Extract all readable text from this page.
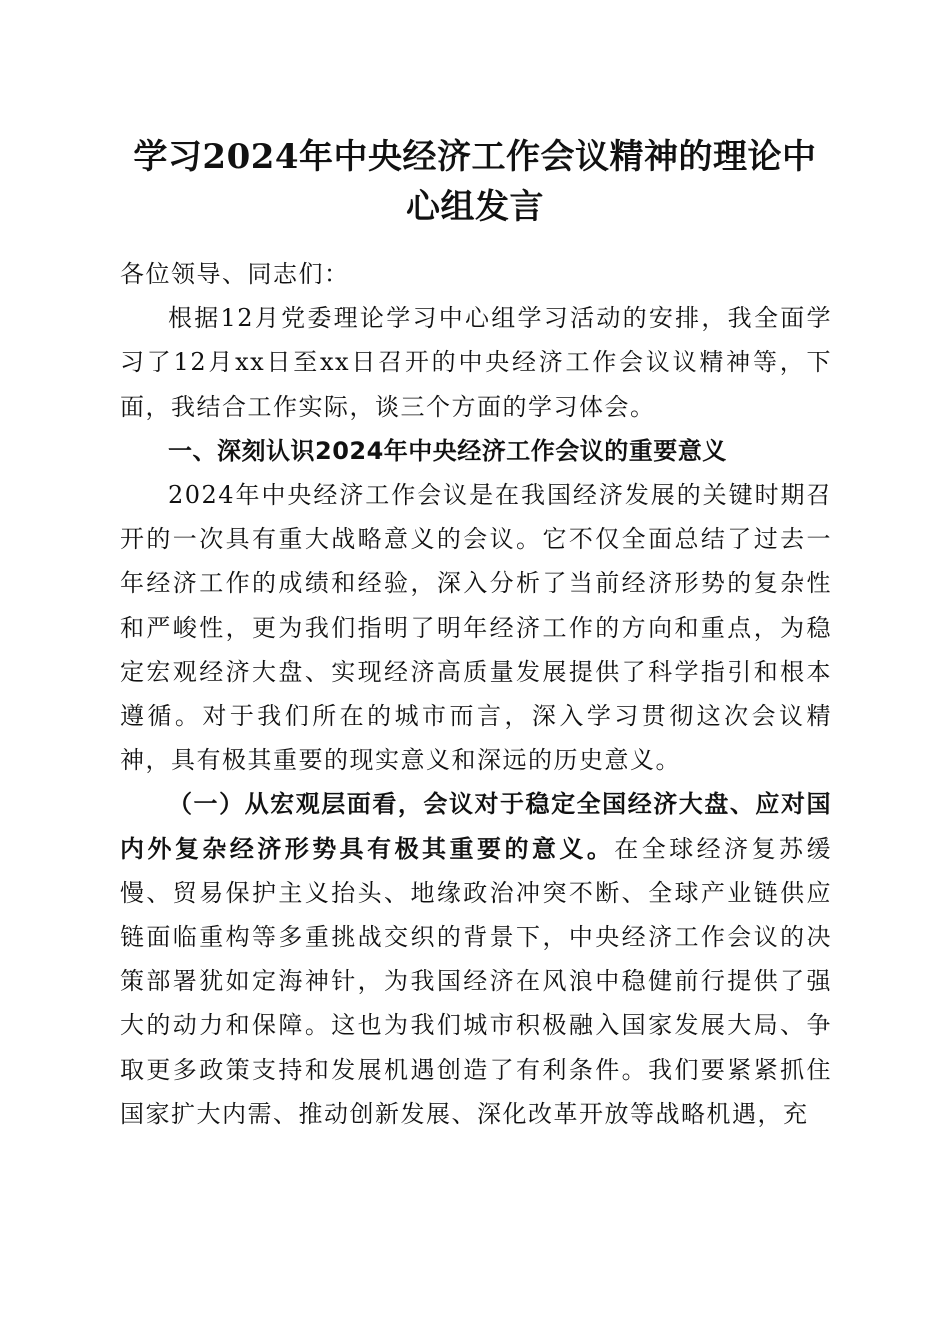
学习2024年中央经济工作会议精神的理论中
心组发言

各位领导、同志们：

根据12月党委理论学习中心组学习活动的安排，我全面学习了12月xx日至xx日召开的中央经济工作会议议精神等，下面，我结合工作实际，谈三个方面的学习体会。

一、深刻认识2024年中央经济工作会议的重要意义

2024年中央经济工作会议是在我国经济发展的关键时期召开的一次具有重大战略意义的会议。它不仅全面总结了过去一年经济工作的成绩和经验，深入分析了当前经济形势的复杂性和严峻性，更为我们指明了明年经济工作的方向和重点，为稳定宏观经济大盘、实现经济高质量发展提供了科学指引和根本遵循。对于我们所在的城市而言，深入学习贯彻这次会议精神，具有极其重要的现实意义和深远的历史意义。

（一）从宏观层面看，会议对于稳定全国经济大盘、应对国内外复杂经济形势具有极其重要的意义。在全球经济复苏缓慢、贸易保护主义抬头、地缘政治冲突不断、全球产业链供应链面临重构等多重挑战交织的背景下，中央经济工作会议的决策部署犹如定海神针，为我国经济在风浪中稳健前行提供了强大的动力和保障。这也为我们城市积极融入国家发展大局、争取更多政策支持和发展机遇创造了有利条件。我们要紧紧抓住国家扩大内需、推动创新发展、深化改革开放等战略机遇，充
